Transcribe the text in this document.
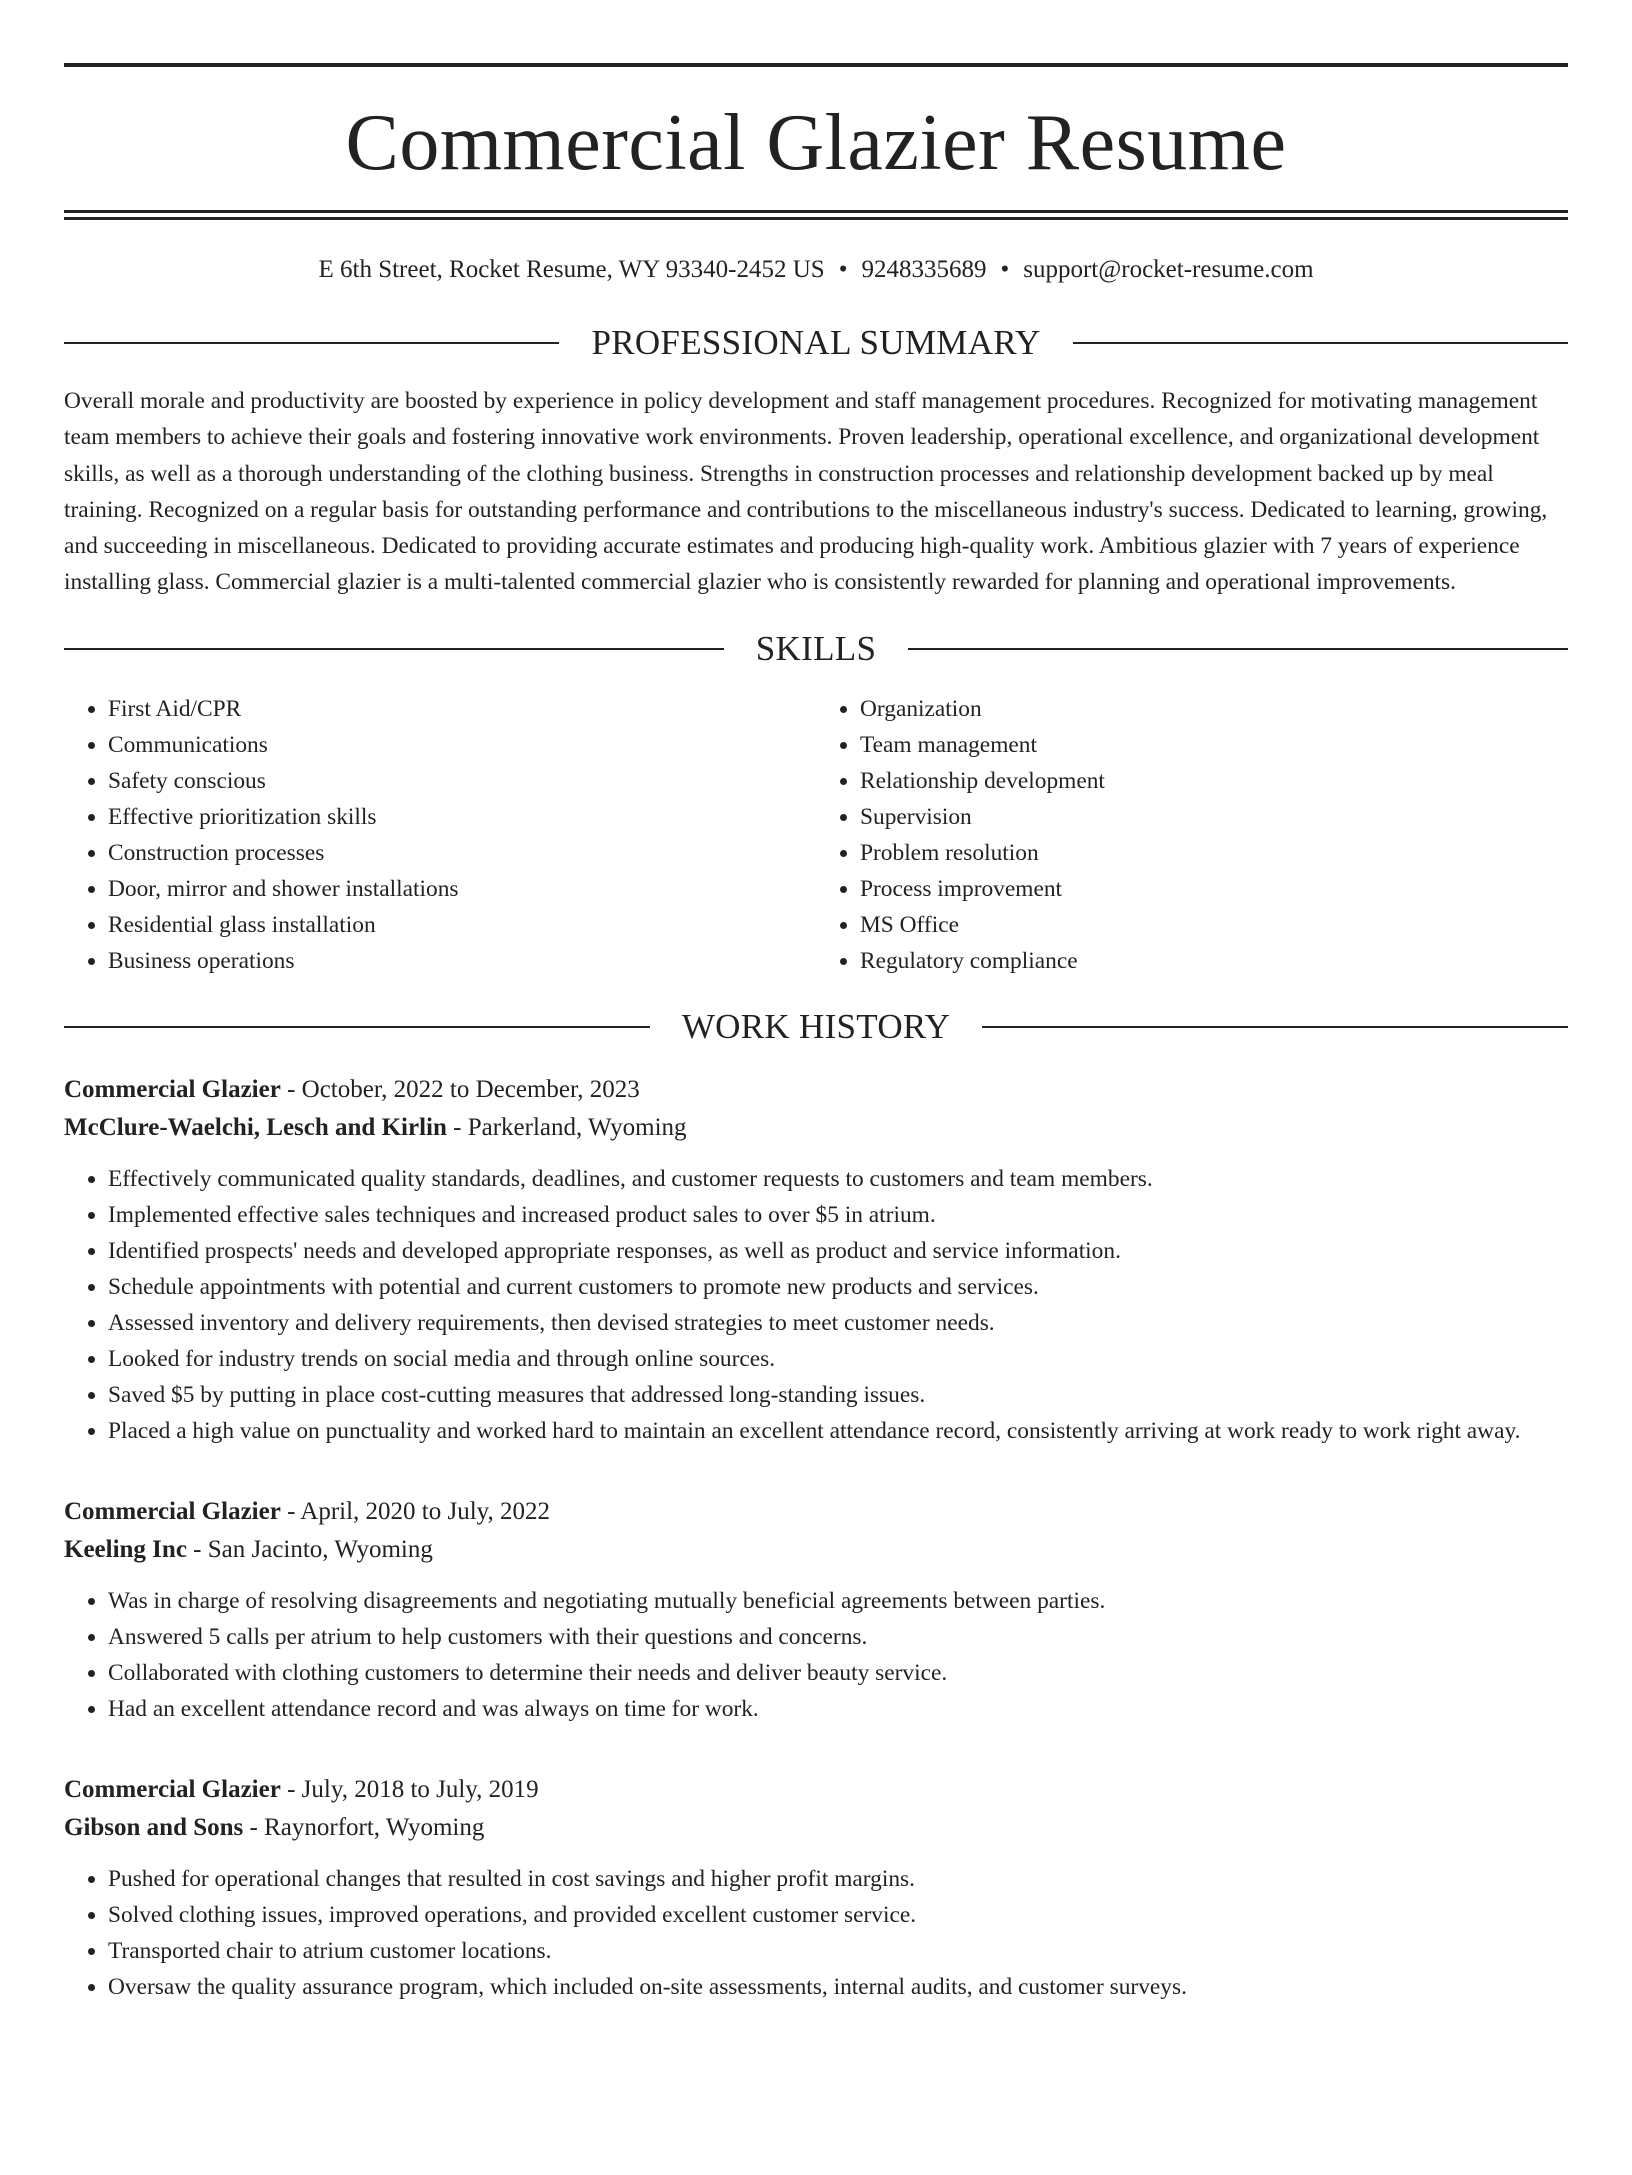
Commercial Glazier Resume
E 6th Street, Rocket Resume, WY 93340-2452 US • 9248335689 • support@rocket-resume.com
PROFESSIONAL SUMMARY
Overall morale and productivity are boosted by experience in policy development and staff management procedures. Recognized for motivating management team members to achieve their goals and fostering innovative work environments. Proven leadership, operational excellence, and organizational development skills, as well as a thorough understanding of the clothing business. Strengths in construction processes and relationship development backed up by meal training. Recognized on a regular basis for outstanding performance and contributions to the miscellaneous industry's success. Dedicated to learning, growing, and succeeding in miscellaneous. Dedicated to providing accurate estimates and producing high-quality work. Ambitious glazier with 7 years of experience installing glass. Commercial glazier is a multi-talented commercial glazier who is consistently rewarded for planning and operational improvements.
SKILLS
• First Aid/CPR
• Communications
• Safety conscious
• Effective prioritization skills
• Construction processes
• Door, mirror and shower installations
• Residential glass installation
• Business operations
• Organization
• Team management
• Relationship development
• Supervision
• Problem resolution
• Process improvement
• MS Office
• Regulatory compliance
WORK HISTORY
Commercial Glazier - October, 2022 to December, 2023
McClure-Waelchi, Lesch and Kirlin - Parkerland, Wyoming
• Effectively communicated quality standards, deadlines, and customer requests to customers and team members.
• Implemented effective sales techniques and increased product sales to over $5 in atrium.
• Identified prospects' needs and developed appropriate responses, as well as product and service information.
• Schedule appointments with potential and current customers to promote new products and services.
• Assessed inventory and delivery requirements, then devised strategies to meet customer needs.
• Looked for industry trends on social media and through online sources.
• Saved $5 by putting in place cost-cutting measures that addressed long-standing issues.
• Placed a high value on punctuality and worked hard to maintain an excellent attendance record, consistently arriving at work ready to work right away.
Commercial Glazier - April, 2020 to July, 2022
Keeling Inc - San Jacinto, Wyoming
• Was in charge of resolving disagreements and negotiating mutually beneficial agreements between parties.
• Answered 5 calls per atrium to help customers with their questions and concerns.
• Collaborated with clothing customers to determine their needs and deliver beauty service.
• Had an excellent attendance record and was always on time for work.
Commercial Glazier - July, 2018 to July, 2019
Gibson and Sons - Raynorfort, Wyoming
• Pushed for operational changes that resulted in cost savings and higher profit margins.
• Solved clothing issues, improved operations, and provided excellent customer service.
• Transported chair to atrium customer locations.
• Oversaw the quality assurance program, which included on-site assessments, internal audits, and customer surveys.
